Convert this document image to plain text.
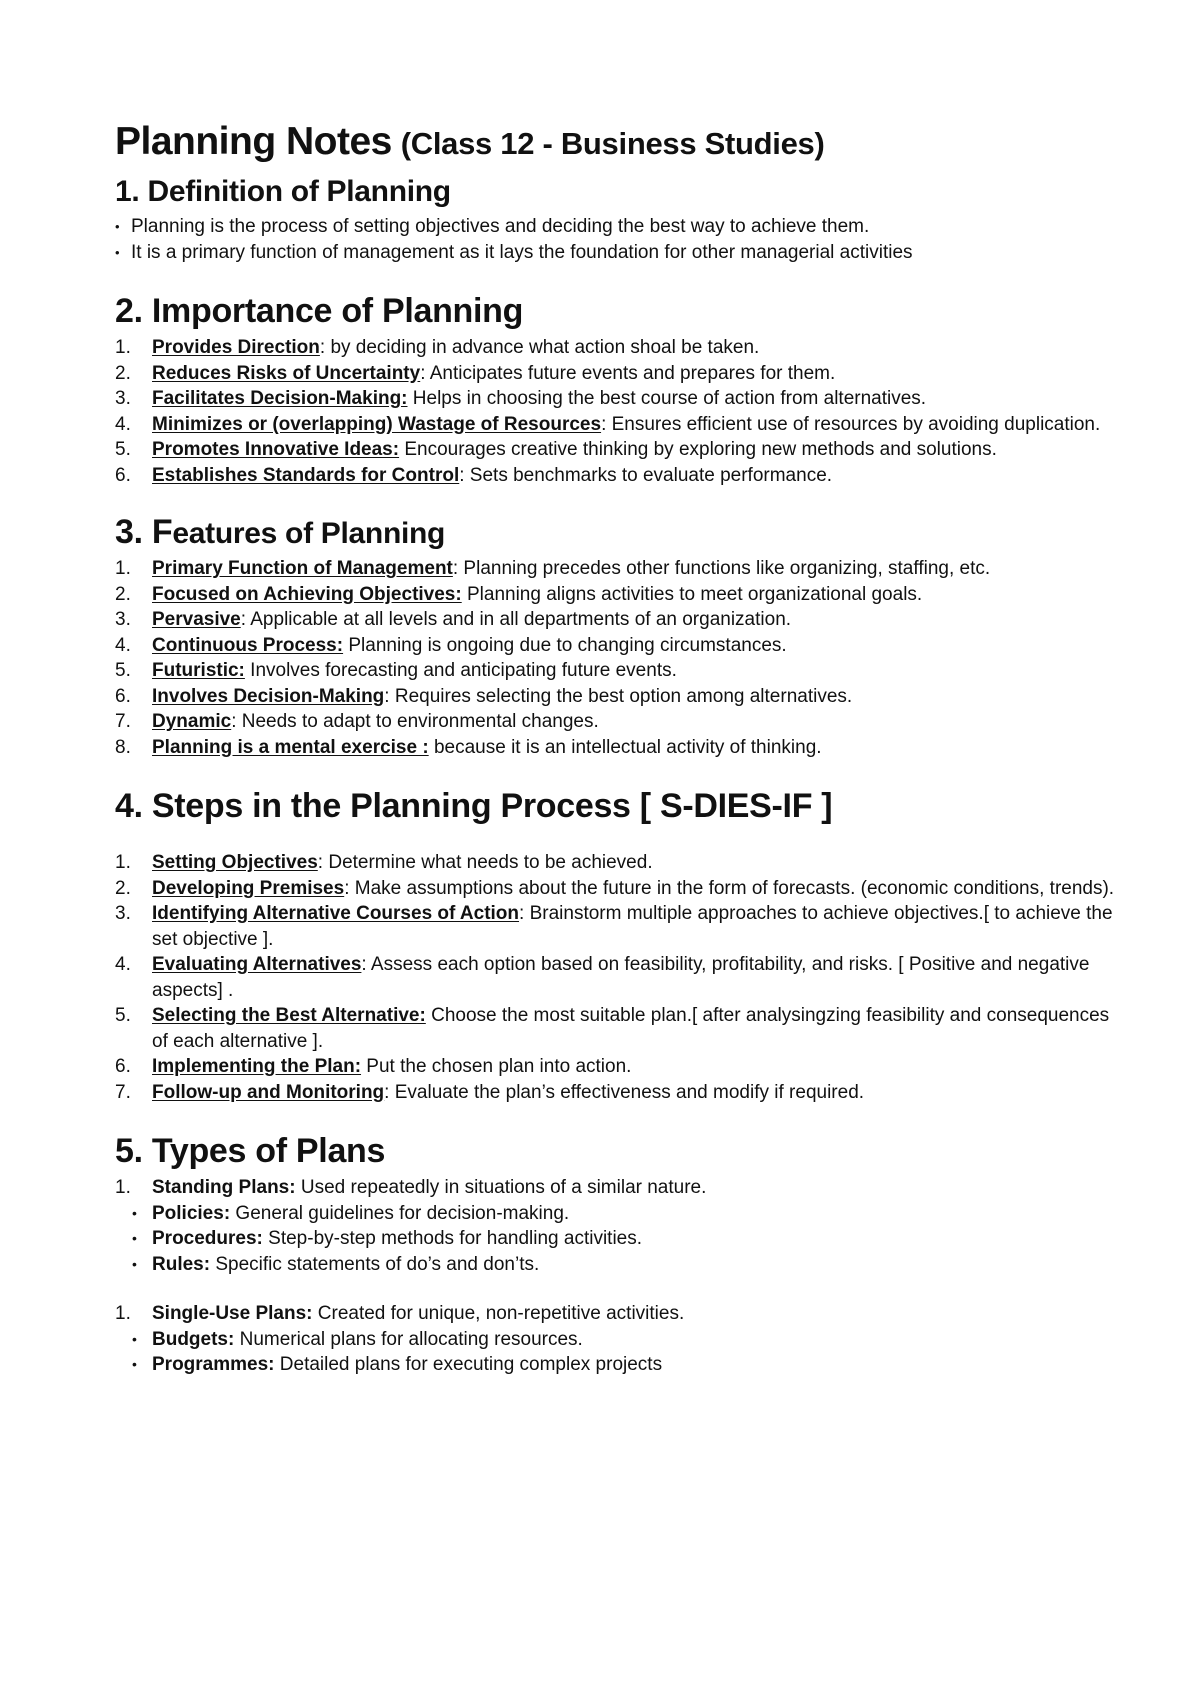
Planning Notes (Class 12 - Business Studies)
1. Definition of Planning
• Planning is the process of setting objectives and deciding the best way to achieve them.
• It is a primary function of management as it lays the foundation for other managerial activities
2. Importance of Planning
1. Provides Direction: by deciding in advance what action shoal be taken.
2. Reduces Risks of Uncertainty: Anticipates future events and prepares for them.
3. Facilitates Decision-Making: Helps in choosing the best course of action from alternatives.
4. Minimizes or (overlapping) Wastage of Resources: Ensures efficient use of resources by avoiding duplication.
5. Promotes Innovative Ideas: Encourages creative thinking by exploring new methods and solutions.
6. Establishes Standards for Control: Sets benchmarks to evaluate performance.
3. Features of Planning
1. Primary Function of Management: Planning precedes other functions like organizing, staffing, etc.
2. Focused on Achieving Objectives: Planning aligns activities to meet organizational goals.
3. Pervasive: Applicable at all levels and in all departments of an organization.
4. Continuous Process: Planning is ongoing due to changing circumstances.
5. Futuristic: Involves forecasting and anticipating future events.
6. Involves Decision-Making: Requires selecting the best option among alternatives.
7. Dynamic: Needs to adapt to environmental changes.
8. Planning is a mental exercise : because it is an intellectual activity of thinking.
4. Steps in the Planning Process [ S-DIES-IF ]
1. Setting Objectives: Determine what needs to be achieved.
2. Developing Premises: Make assumptions about the future in the form of forecasts. (economic conditions, trends).
3. Identifying Alternative Courses of Action: Brainstorm multiple approaches to achieve objectives.[ to achieve the set objective ].
4. Evaluating Alternatives: Assess each option based on feasibility, profitability, and risks. [ Positive and negative aspects] .
5. Selecting the Best Alternative: Choose the most suitable plan.[ after analysingzing feasibility and consequences of each alternative ].
6. Implementing the Plan: Put the chosen plan into action.
7. Follow-up and Monitoring: Evaluate the plan’s effectiveness and modify if required.
5. Types of Plans
1. Standing Plans: Used repeatedly in situations of a similar nature.
• Policies: General guidelines for decision-making.
• Procedures: Step-by-step methods for handling activities.
• Rules: Specific statements of do’s and don’ts.
1. Single-Use Plans: Created for unique, non-repetitive activities.
• Budgets: Numerical plans for allocating resources.
• Programmes: Detailed plans for executing complex projects
